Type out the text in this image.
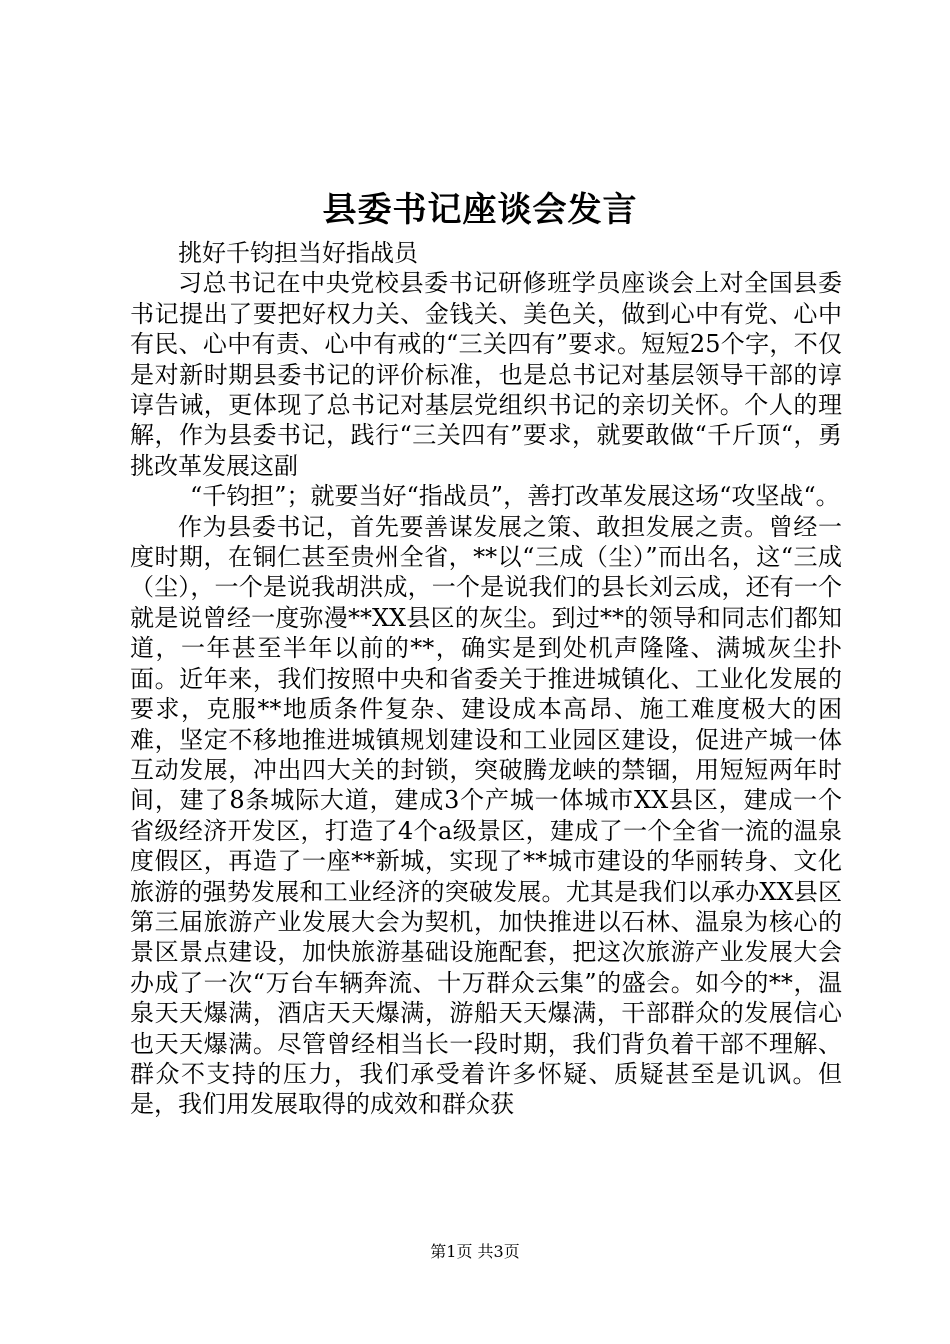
县委书记座谈会发言

挑好千钧担当好指战员

习总书记在中央党校县委书记研修班学员座谈会上对全国县委书记提出了要把好权力关、金钱关、美色关，做到心中有党、心中有民、心中有责、心中有戒的“三关四有”要求。短短25个字，不仅是对新时期县委书记的评价标准，也是总书记对基层领导干部的谆谆告诫，更体现了总书记对基层党组织书记的亲切关怀。个人的理解，作为县委书记，践行“三关四有”要求，就要敢做“千斤顶“，勇挑改革发展这副

“千钧担”；就要当好“指战员”，善打改革发展这场“攻坚战“。

作为县委书记，首先要善谋发展之策、敢担发展之责。曾经一度时期，在铜仁甚至贵州全省，**以“三成（尘）”而出名，这“三成（尘），一个是说我胡洪成，一个是说我们的县长刘云成，还有一个就是说曾经一度弥漫**XX县区的灰尘。到过**的领导和同志们都知道，一年甚至半年以前的**，确实是到处机声隆隆、满城灰尘扑面。近年来，我们按照中央和省委关于推进城镇化、工业化发展的要求，克服**地质条件复杂、建设成本高昂、施工难度极大的困难，坚定不移地推进城镇规划建设和工业园区建设，促进产城一体互动发展，冲出四大关的封锁，突破腾龙峡的禁锢，用短短两年时间，建了8条城际大道，建成3个产城一体城市XX县区，建成一个省级经济开发区，打造了4个a级景区，建成了一个全省一流的温泉度假区，再造了一座**新城，实现了**城市建设的华丽转身、文化旅游的强势发展和工业经济的突破发展。尤其是我们以承办XX县区第三届旅游产业发展大会为契机，加快推进以石林、温泉为核心的景区景点建设，加快旅游基础设施配套，把这次旅游产业发展大会办成了一次“万台车辆奔流、十万群众云集”的盛会。如今的**，温泉天天爆满，酒店天天爆满，游船天天爆满，干部群众的发展信心也天天爆满。尽管曾经相当长一段时期，我们背负着干部不理解、群众不支持的压力，我们承受着许多怀疑、质疑甚至是讥讽。但是，我们用发展取得的成效和群众获

第1页 共3页
